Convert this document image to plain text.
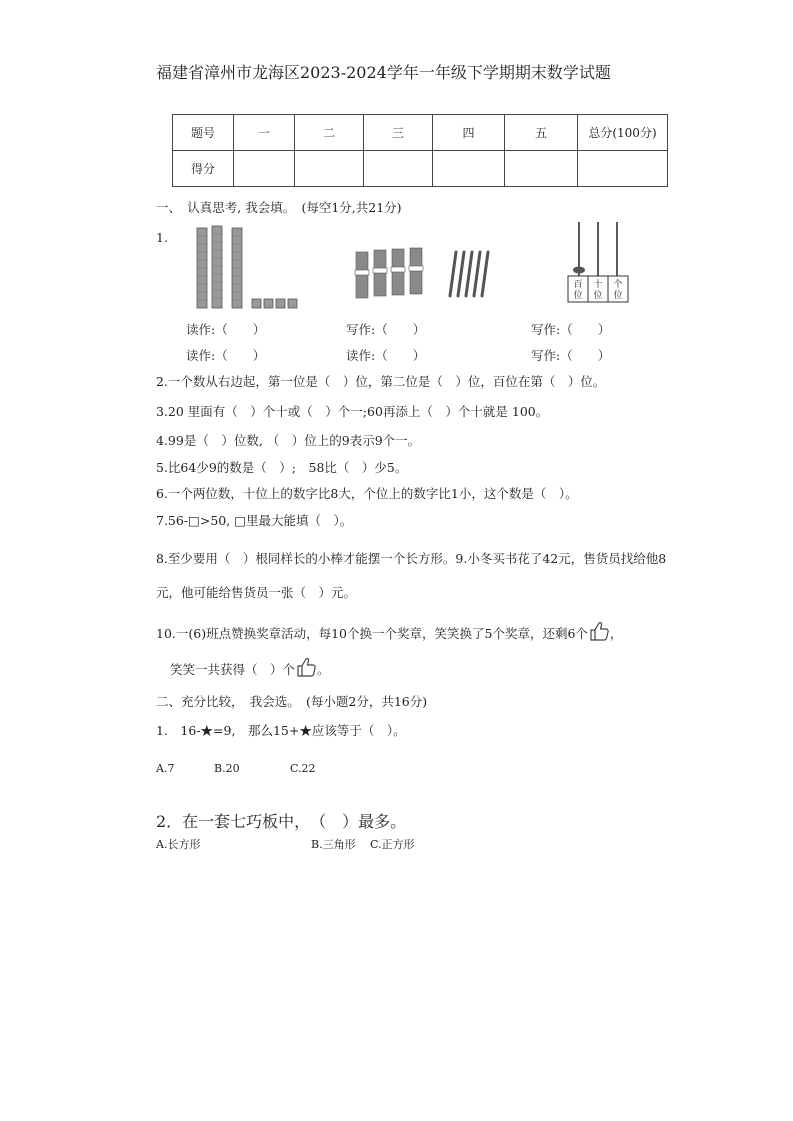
福建省漳州市龙海区2023-2024学年一年级下学期期末数学试题
题号	一	二	三	四	五	总分(100分)
得分						
一、　认真思考, 我会填。　(每空1分,共21分)
1.
百
位
十
位
个
位
读作:（　　）	写作:（　　）	写作:（　　）
读作:（　　）	读作:（　　）	写作:（　　）
2.一个数从右边起，第一位是（　）位，第二位是（　）位，百位在第（　）位。
3.20 里面有（　）个十或（　）个一;60再添上（　）个十就是 100。
4.99是（　）位数, （　）位上的9表示9个一。
5.比64少9的数是（　）;　58比（　）少5。
6.一个两位数，十位上的数字比8大，个位上的数字比1小，这个数是（　）。
7.56-□>50, □里最大能填（　）。
8.至少要用（　）根同样长的小棒才能摆一个长方形。9.小冬买书花了42元，售货员找给他8
元，他可能给售货员一张（　）元。
10.一(6)班点赞换奖章活动，每10个换一个奖章，笑笑换了5个奖章，还剩6个 ，
笑笑一共获得（　）个 。
二、充分比较，　我会选。　(每小题2分，共16分)
1.　16-★=9,　那么15+★应该等于（　）。
A.7	B.20	C.22
2．在一套七巧板中，　（　）最多。
A.长方形	B.三角形 C.正方形
